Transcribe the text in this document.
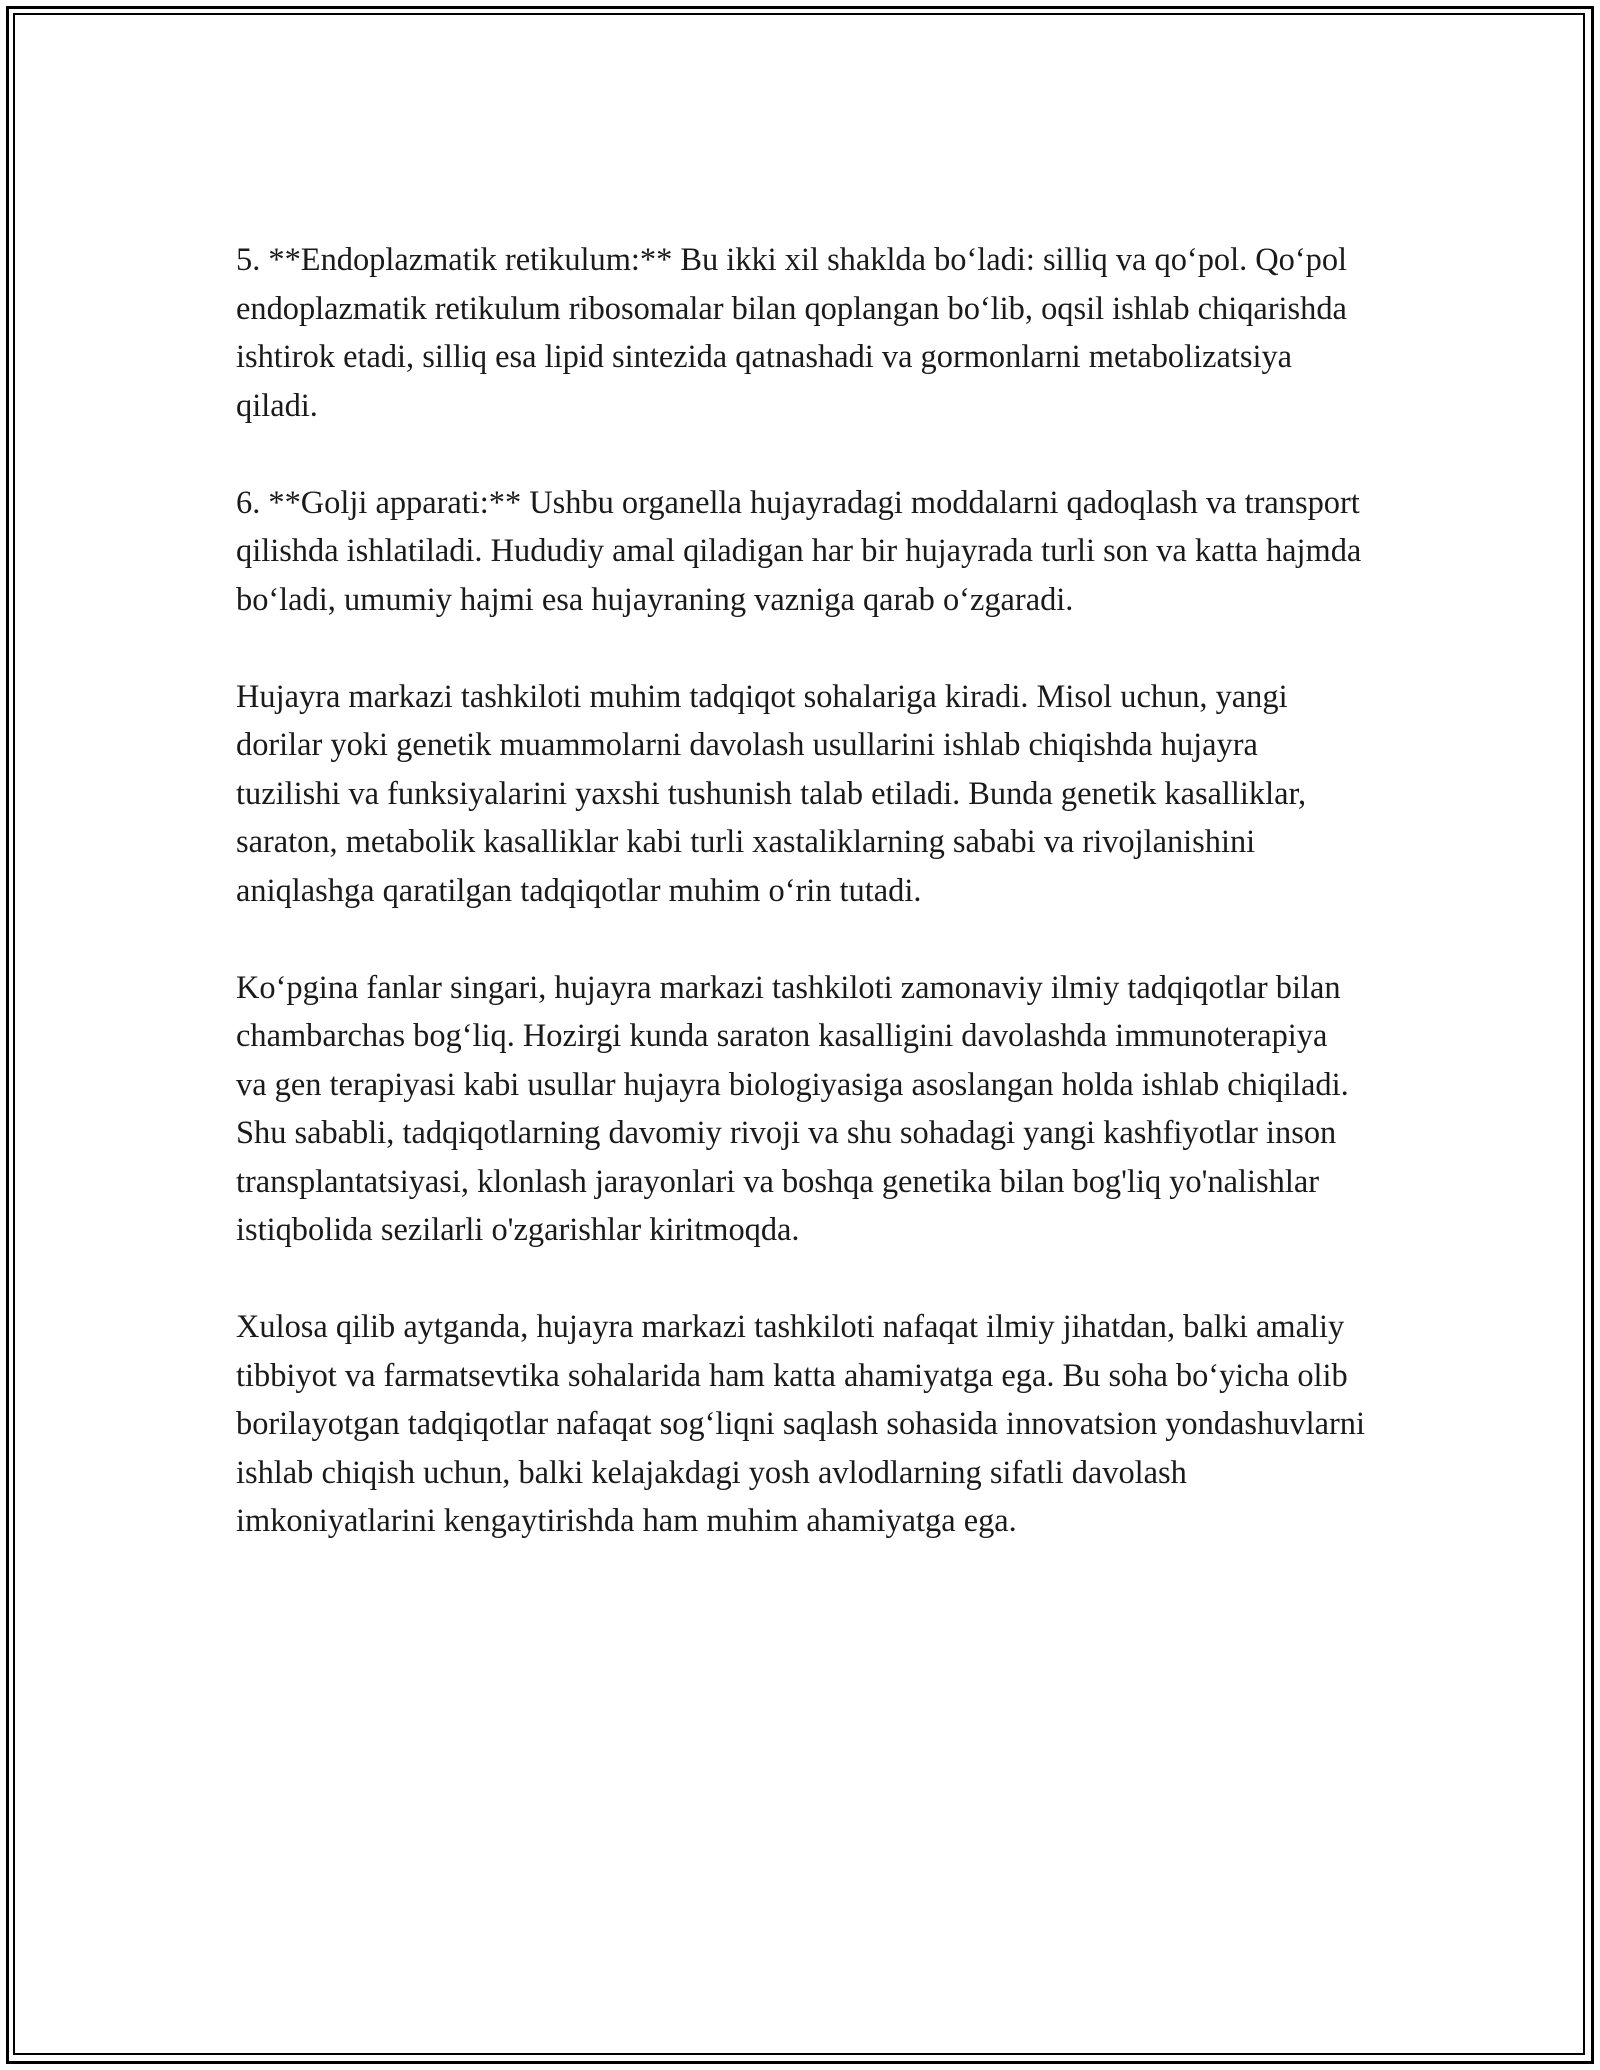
5. **Endoplazmatik retikulum:** Bu ikki xil shaklda bo‘ladi: silliq va qo‘pol. Qo‘pol endoplazmatik retikulum ribosomalar bilan qoplangan bo‘lib, oqsil ishlab chiqarishda ishtirok etadi, silliq esa lipid sintezida qatnashadi va gormonlarni metabolizatsiya qiladi.

6. **Golji apparati:** Ushbu organella hujayradagi moddalarni qadoqlash va transport qilishda ishlatiladi. Hududiy amal qiladigan har bir hujayrada turli son va katta hajmda bo‘ladi, umumiy hajmi esa hujayraning vazniga qarab o‘zgaradi.

Hujayra markazi tashkiloti muhim tadqiqot sohalariga kiradi. Misol uchun, yangi dorilar yoki genetik muammolarni davolash usullarini ishlab chiqishda hujayra tuzilishi va funksiyalarini yaxshi tushunish talab etiladi. Bunda genetik kasalliklar, saraton, metabolik kasalliklar kabi turli xastaliklarning sababi va rivojlanishini aniqlashga qaratilgan tadqiqotlar muhim o‘rin tutadi.

Ko‘pgina fanlar singari, hujayra markazi tashkiloti zamonaviy ilmiy tadqiqotlar bilan chambarchas bog‘liq. Hozirgi kunda saraton kasalligini davolashda immunoterapiya va gen terapiyasi kabi usullar hujayra biologiyasiga asoslangan holda ishlab chiqiladi. Shu sababli, tadqiqotlarning davomiy rivoji va shu sohadagi yangi kashfiyotlar inson transplantatsiyasi, klonlash jarayonlari va boshqa genetika bilan bog'liq yo'nalishlar istiqbolida sezilarli o'zgarishlar kiritmoqda.

Xulosa qilib aytganda, hujayra markazi tashkiloti nafaqat ilmiy jihatdan, balki amaliy tibbiyot va farmatsevtika sohalarida ham katta ahamiyatga ega. Bu soha bo‘yicha olib borilayotgan tadqiqotlar nafaqat sog‘liqni saqlash sohasida innovatsion yondashuvlarni ishlab chiqish uchun, balki kelajakdagi yosh avlodlarning sifatli davolash imkoniyatlarini kengaytirishda ham muhim ahamiyatga ega.
